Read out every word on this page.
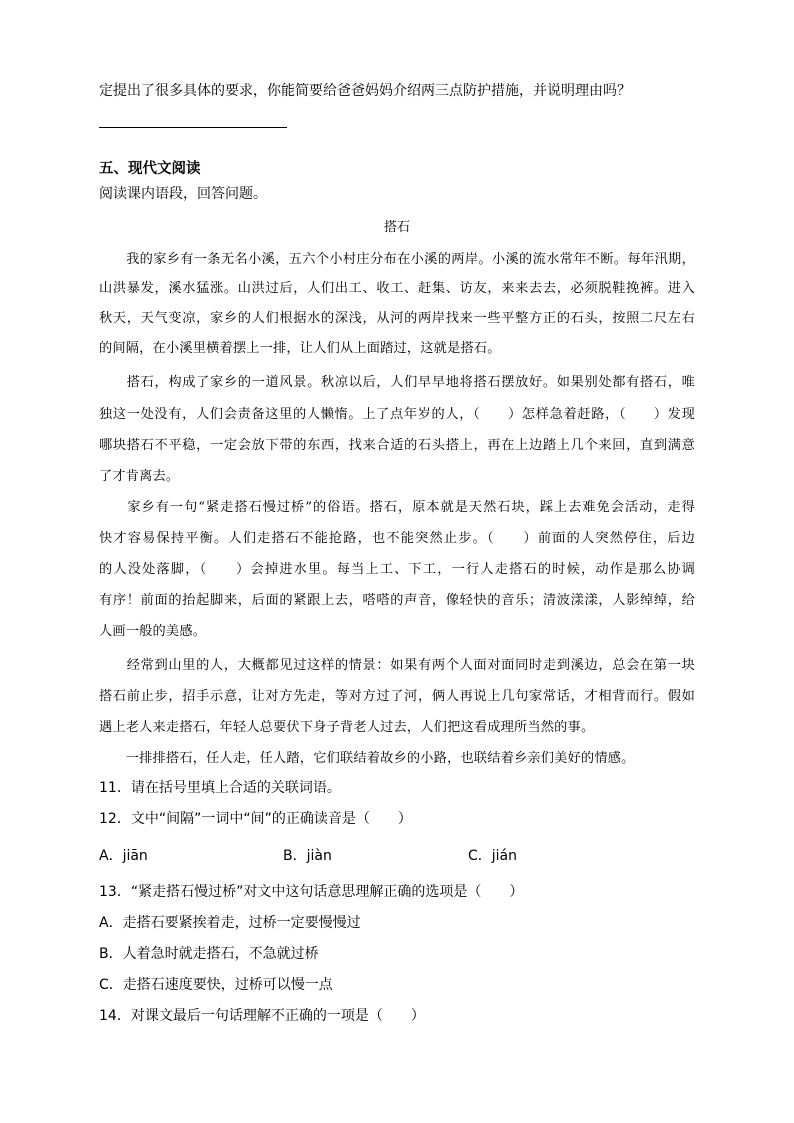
定提出了很多具体的要求，你能简要给爸爸妈妈介绍两三点防护措施，并说明理由吗？
五、现代文阅读
阅读课内语段，回答问题。
搭石
　　我的家乡有一条无名小溪，五六个小村庄分布在小溪的两岸。小溪的流水常年不断。每年汛期，
山洪暴发，溪水猛涨。山洪过后，人们出工、收工、赶集、访友，来来去去，必须脱鞋挽裤。进入
秋天，天气变凉，家乡的人们根据水的深浅，从河的两岸找来一些平整方正的石头，按照二尺左右
的间隔，在小溪里横着摆上一排，让人们从上面踏过，这就是搭石。
　　搭石，构成了家乡的一道风景。秋凉以后，人们早早地将搭石摆放好。如果别处都有搭石，唯
独这一处没有，人们会责备这里的人懒惰。上了点年岁的人，（　　）怎样急着赶路，（　　）发现
哪块搭石不平稳，一定会放下带的东西，找来合适的石头搭上，再在上边踏上几个来回，直到满意
了才肯离去。
　　家乡有一句“紧走搭石慢过桥”的俗语。搭石，原本就是天然石块，踩上去难免会活动，走得
快才容易保持平衡。人们走搭石不能抢路，也不能突然止步。（　　）前面的人突然停住，后边
的人没处落脚，（　　）会掉进水里。每当上工、下工，一行人走搭石的时候，动作是那么协调
有序！前面的抬起脚来，后面的紧跟上去，嗒嗒的声音，像轻快的音乐；清波漾漾，人影绰绰，给
人画一般的美感。
　　经常到山里的人，大概都见过这样的情景：如果有两个人面对面同时走到溪边，总会在第一块
搭石前止步，招手示意，让对方先走，等对方过了河，俩人再说上几句家常话，才相背而行。假如
遇上老人来走搭石，年轻人总要伏下身子背老人过去，人们把这看成理所当然的事。
　　一排排搭石，任人走，任人踏，它们联结着故乡的小路，也联结着乡亲们美好的情感。
11．请在括号里填上合适的关联词语。
12．文中“间隔”一词中“间”的正确读音是（　　）
A．jiān	B．jiàn	C．jián
13．“紧走搭石慢过桥”对文中这句话意思理解正确的选项是（　　）
A．走搭石要紧挨着走，过桥一定要慢慢过
B．人着急时就走搭石，不急就过桥
C．走搭石速度要快，过桥可以慢一点
14．对课文最后一句话理解不正确的一项是（　　）
